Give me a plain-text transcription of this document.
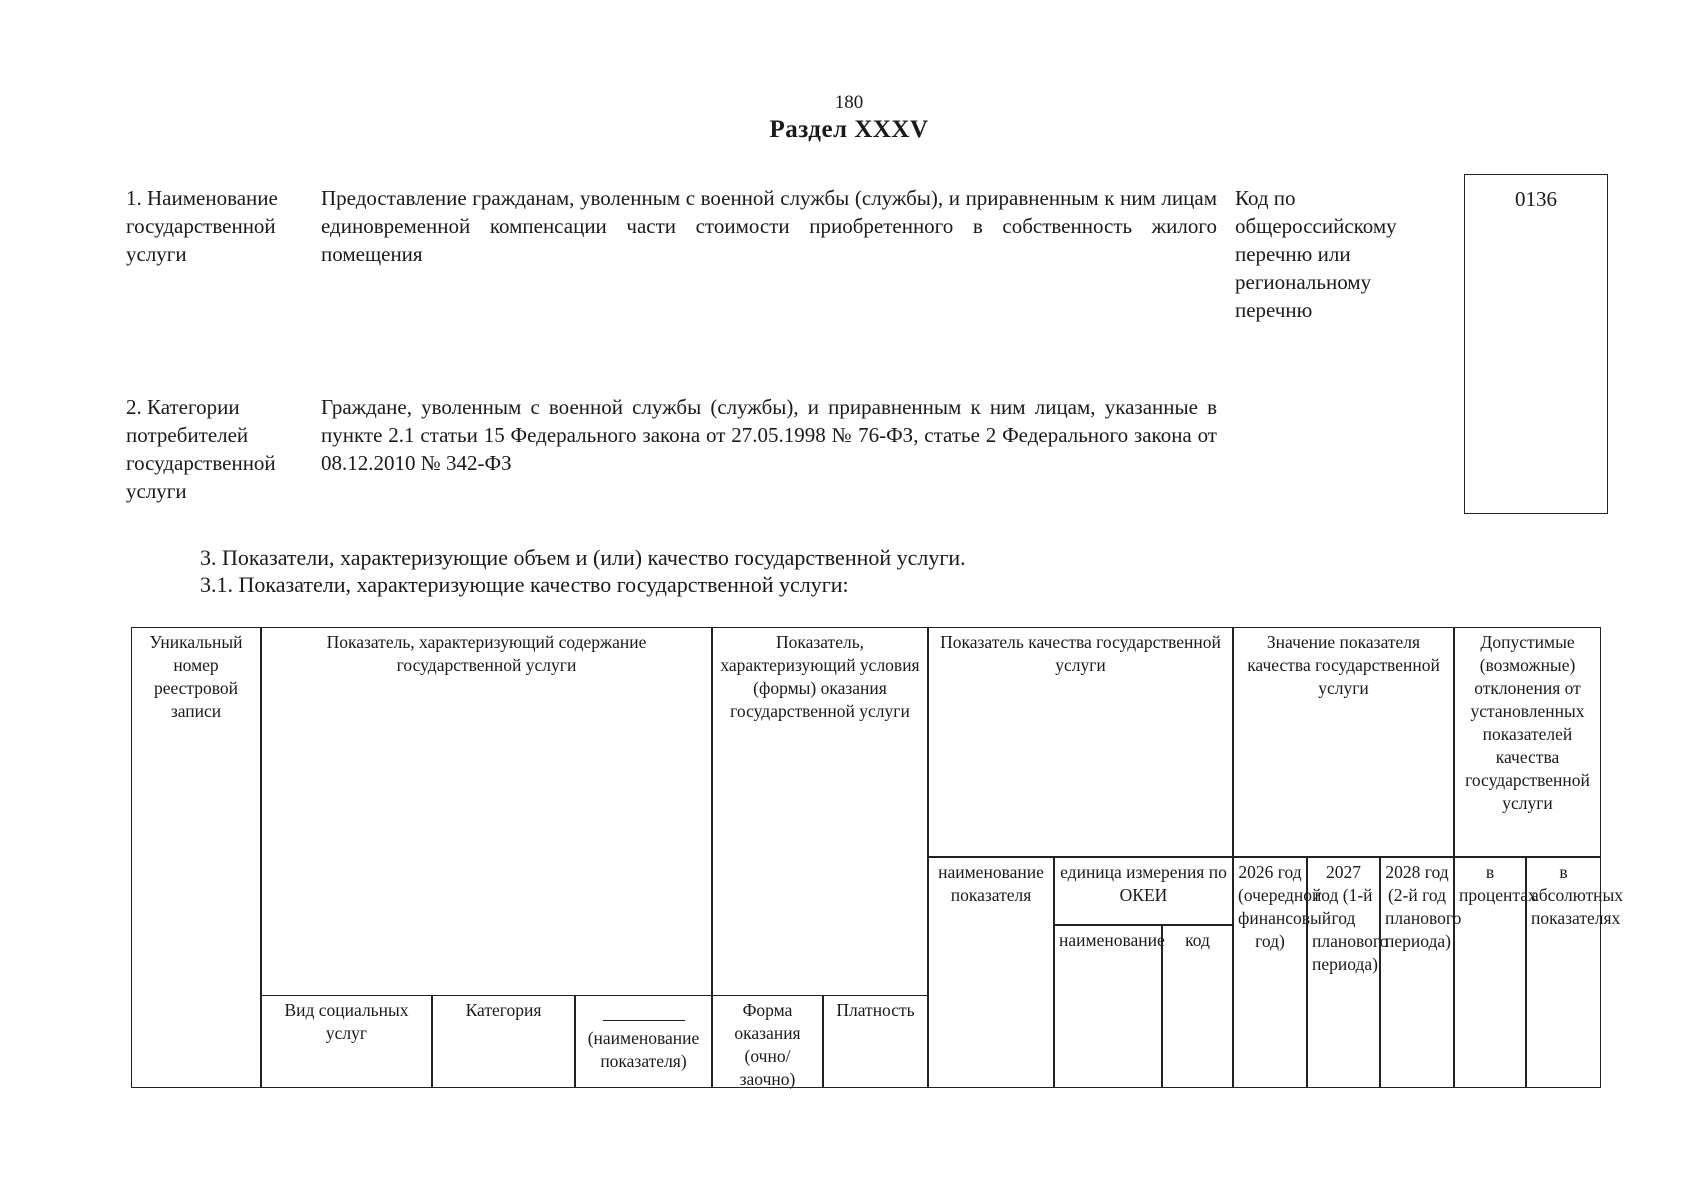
180
Раздел XXXV
1. Наименование государственной услуги
Предоставление гражданам, уволенным с военной службы (службы), и приравненным к ним лицам единовременной компенсации части стоимости приобретенного в собственность жилого помещения
Код по общероссийскому перечню или региональному перечню
0136
2. Категории потребителей государственной услуги
Граждане, уволенным с военной службы (службы), и приравненным к ним лицам, указанные в пункте 2.1 статьи 15 Федерального закона от 27.05.1998 № 76-ФЗ, статье 2 Федерального закона от 08.12.2010 № 342-ФЗ
3. Показатели, характеризующие объем и (или) качество государственной услуги.
3.1. Показатели, характеризующие качество государственной услуги:
Уникальный номер реестровой записи
Показатель, характеризующий содержание государственной услуги
Показатель, характеризующий условия (формы) оказания государственной услуги
Показатель качества государственной услуги
Значение показателя качества государственной услуги
Допустимые (возможные) отклонения от установленных показателей качества государственной услуги
наименование показателя
единица измерения по ОКЕИ
наименование	код
2026 год (очередной финансовый год)
2027 год (1-й год планового периода)
2028 год (2-й год планового периода)
в процентах
в абсолютных показателях
Вид социальных услуг
Категория

(наименование показателя)
Форма оказания (очно/заочно)
Платность
